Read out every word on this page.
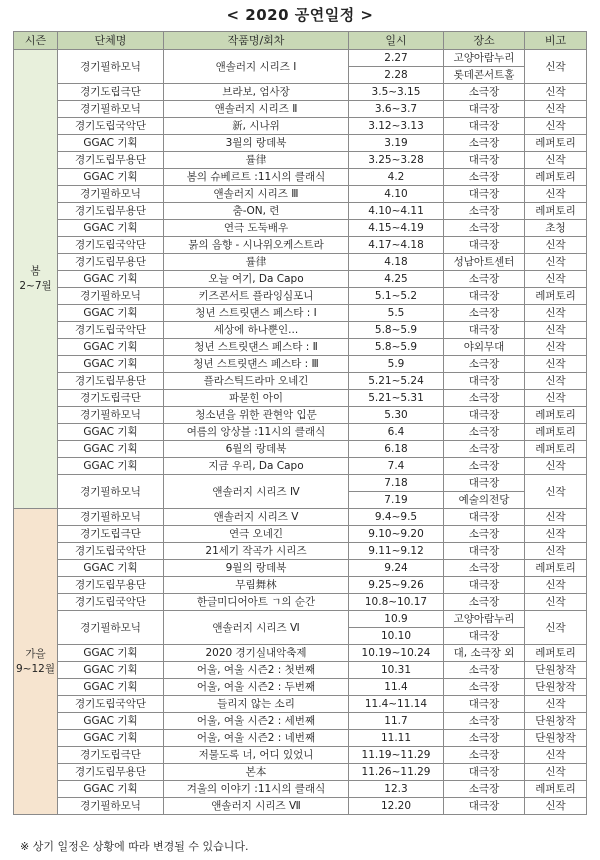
< 2020 공연일정 >
시즌	단체명	작품명/회차	일시	장소	비고

봄
2~7월	경기필하모닉	앤솔러지 시리즈 Ⅰ	2.27	고양아람누리	신작
			2.28	롯데콘서트홀	
	경기도립극단	브라보, 엄사장	3.5~3.15	소극장	신작
	경기필하모닉	앤솔러지 시리즈 Ⅱ	3.6~3.7	대극장	신작
	경기도립국악단	新, 시나위	3.12~3.13	대극장	신작
	GGAC 기획	3월의 랑데북	3.19	소극장	레퍼토리
	경기도립무용단	률律	3.25~3.28	대극장	신작
	GGAC 기획	봄의 슈베르트 :11시의 클래식	4.2	소극장	레퍼토리
	경기필하모닉	앤솔러지 시리즈 Ⅲ	4.10	대극장	신작
	경기도립무용단	춤-ON, 련	4.10~4.11	소극장	레퍼토리
	GGAC 기획	연극 도둑배우	4.15~4.19	소극장	초청
	경기도립국악단	묽의 음향 - 시나위오케스트라	4.17~4.18	대극장	신작
	경기도립무용단	률律	4.18	성남아트센터	신작
	GGAC 기획	오늘 여기, Da Capo	4.25	소극장	신작
	경기필하모닉	키즈콘서트 플라잉심포니	5.1~5.2	대극장	레퍼토리
	GGAC 기획	청년 스트릿댄스 페스타 : Ⅰ	5.5	소극장	신작
	경기도립국악단	세상에 하나뿐인...	5.8~5.9	대극장	신작
	GGAC 기획	청년 스트릿댄스 페스타 : Ⅱ	5.8~5.9	야외무대	신작
	GGAC 기획	청년 스트릿댄스 페스타 : Ⅲ	5.9	소극장	신작
	경기도립무용단	플라스틱드라마 오네긴	5.21~5.24	대극장	신작
	경기도립극단	파묻힌 아이	5.21~5.31	소극장	신작
	경기필하모닉	청소년을 위한 관현악 입문	5.30	대극장	레퍼토리
	GGAC 기획	여름의 앙상블 :11시의 클래식	6.4	소극장	레퍼토리
	GGAC 기획	6월의 랑데북	6.18	소극장	레퍼토리
	GGAC 기획	지금 우리, Da Capo	7.4	소극장	신작
	경기필하모닉	앤솔러지 시리즈 Ⅳ	7.18	대극장	신작
			7.19	예술의전당	

가을
9~12월	경기필하모닉	앤솔러지 시리즈 Ⅴ	9.4~9.5	대극장	신작
	경기도립극단	연극 오네긴	9.10~9.20	소극장	신작
	경기도립국악단	21세기 작곡가 시리즈	9.11~9.12	대극장	신작
	GGAC 기획	9월의 랑데북	9.24	소극장	레퍼토리
	경기도립무용단	무림舞林	9.25~9.26	대극장	신작
	경기도립국악단	한글미디어아트 ㄱ의 순간	10.8~10.17	소극장	신작
	경기필하모닉	앤솔러지 시리즈 Ⅵ	10.9	고양아람누리	신작
			10.10	대극장	
	GGAC 기획	2020 경기실내악축제	10.19~10.24	대, 소극장 외	레퍼토리
	GGAC 기획	어울, 여울 시즌2 : 첫번째	10.31	소극장	단원창작
	GGAC 기획	어울, 여울 시즌2 : 두번째	11.4	소극장	단원창작
	경기도립국악단	들리지 않는 소리	11.4~11.14	대극장	신작
	GGAC 기획	어울, 여울 시즌2 : 세번째	11.7	소극장	단원창작
	GGAC 기획	어울, 여울 시즌2 : 네번째	11.11	소극장	단원창작
	경기도립극단	저물도록 너, 어디 있었니	11.19~11.29	소극장	신작
	경기도립무용단	본本	11.26~11.29	대극장	신작
	GGAC 기획	겨울의 이야기 :11시의 클래식	12.3	소극장	레퍼토리
	경기필하모닉	앤솔러지 시리즈 Ⅶ	12.20	대극장	신작
※ 상기 일정은 상황에 따라 변경될 수 있습니다.
